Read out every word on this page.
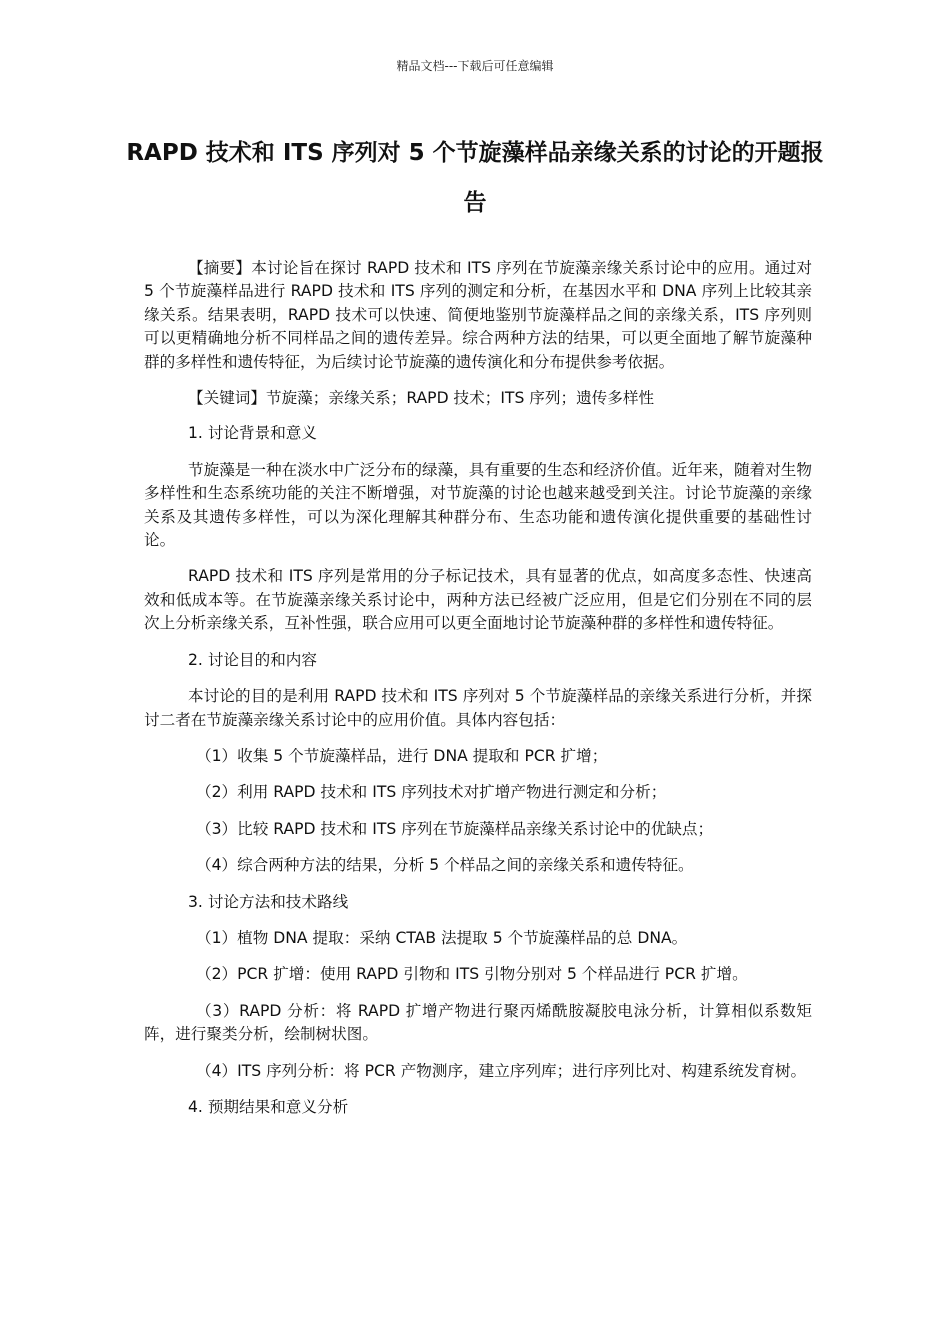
精品文档---下载后可任意编辑
RAPD 技术和 ITS 序列对 5 个节旋藻样品亲缘关系的讨论的开题报告

【摘要】本讨论旨在探讨 RAPD 技术和 ITS 序列在节旋藻亲缘关系讨论中的应用。通过对 5 个节旋藻样品进行 RAPD 技术和 ITS 序列的测定和分析，在基因水平和 DNA 序列上比较其亲缘关系。结果表明，RAPD 技术可以快速、简便地鉴别节旋藻样品之间的亲缘关系，ITS 序列则可以更精确地分析不同样品之间的遗传差异。综合两种方法的结果，可以更全面地了解节旋藻种群的多样性和遗传特征，为后续讨论节旋藻的遗传演化和分布提供参考依据。

【关键词】节旋藻；亲缘关系；RAPD 技术；ITS 序列；遗传多样性

1. 讨论背景和意义

节旋藻是一种在淡水中广泛分布的绿藻，具有重要的生态和经济价值。近年来，随着对生物多样性和生态系统功能的关注不断增强，对节旋藻的讨论也越来越受到关注。讨论节旋藻的亲缘关系及其遗传多样性，可以为深化理解其种群分布、生态功能和遗传演化提供重要的基础性讨论。

RAPD 技术和 ITS 序列是常用的分子标记技术，具有显著的优点，如高度多态性、快速高效和低成本等。在节旋藻亲缘关系讨论中，两种方法已经被广泛应用，但是它们分别在不同的层次上分析亲缘关系，互补性强，联合应用可以更全面地讨论节旋藻种群的多样性和遗传特征。

2. 讨论目的和内容

本讨论的目的是利用 RAPD 技术和 ITS 序列对 5 个节旋藻样品的亲缘关系进行分析，并探讨二者在节旋藻亲缘关系讨论中的应用价值。具体内容包括：

（1）收集 5 个节旋藻样品，进行 DNA 提取和 PCR 扩增；

（2）利用 RAPD 技术和 ITS 序列技术对扩增产物进行测定和分析；

（3）比较 RAPD 技术和 ITS 序列在节旋藻样品亲缘关系讨论中的优缺点；

（4）综合两种方法的结果，分析 5 个样品之间的亲缘关系和遗传特征。

3. 讨论方法和技术路线

（1）植物 DNA 提取：采纳 CTAB 法提取 5 个节旋藻样品的总 DNA。

（2）PCR 扩增：使用 RAPD 引物和 ITS 引物分别对 5 个样品进行 PCR 扩增。

（3）RAPD 分析：将 RAPD 扩增产物进行聚丙烯酰胺凝胶电泳分析，计算相似系数矩阵，进行聚类分析，绘制树状图。

（4）ITS 序列分析：将 PCR 产物测序，建立序列库；进行序列比对、构建系统发育树。

4. 预期结果和意义分析
